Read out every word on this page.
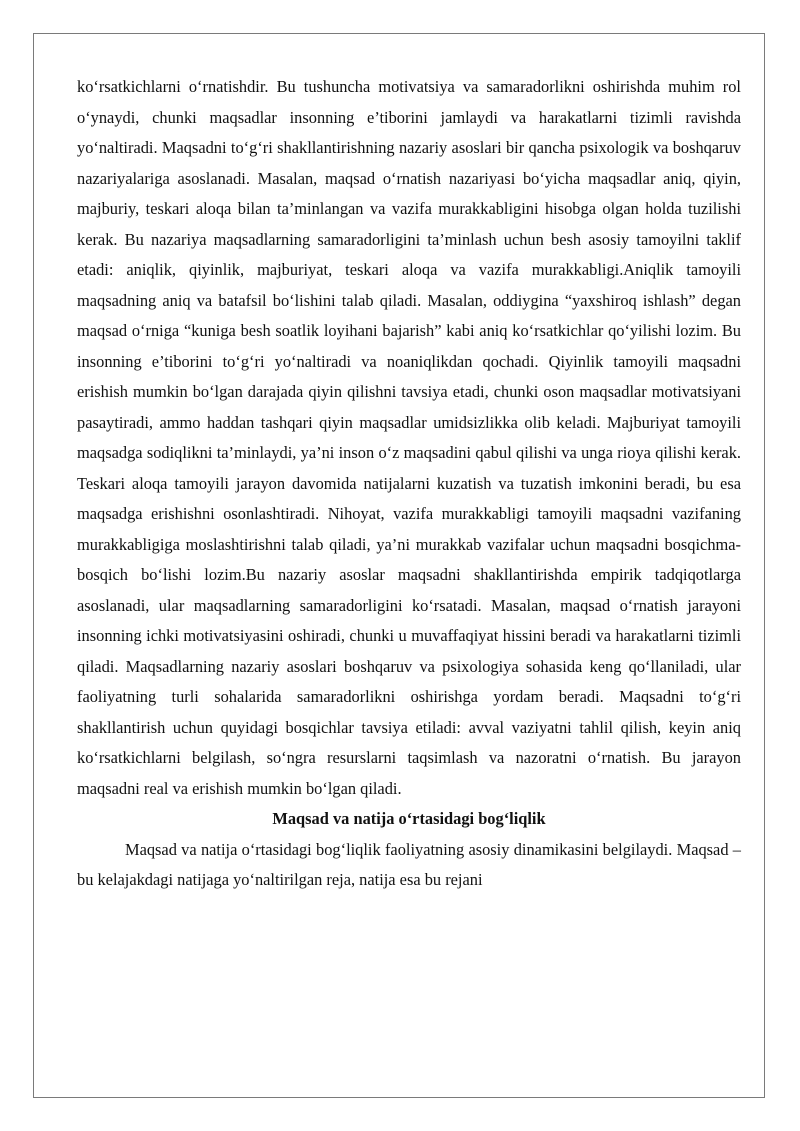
ko‘rsatkichlarni o‘rnatishdir. Bu tushuncha motivatsiya va samaradorlikni oshirishda muhim rol o‘ynaydi, chunki maqsadlar insonning e’tiborini jamlaydi va harakatlarni tizimli ravishda yo‘naltiradi. Maqsadni to‘g‘ri shakllantirishning nazariy asoslari bir qancha psixologik va boshqaruv nazariyalariga asoslanadi. Masalan, maqsad o‘rnatish nazariyasi bo‘yicha maqsadlar aniq, qiyin, majburiy, teskari aloqa bilan ta’minlangan va vazifa murakkabligini hisobga olgan holda tuzilishi kerak. Bu nazariya maqsadlarning samaradorligini ta’minlash uchun besh asosiy tamoyilni taklif etadi: aniqlik, qiyinlik, majburiyat, teskari aloqa va vazifa murakkabligi.Aniqlik tamoyili maqsadning aniq va batafsil bo‘lishini talab qiladi. Masalan, oddiygina “yaxshiroq ishlash” degan maqsad o‘rniga “kuniga besh soatlik loyihani bajarish” kabi aniq ko‘rsatkichlar qo‘yilishi lozim. Bu insonning e’tiborini to‘g‘ri yo‘naltiradi va noaniqlikdan qochadi. Qiyinlik tamoyili maqsadni erishish mumkin bo‘lgan darajada qiyin qilishni tavsiya etadi, chunki oson maqsadlar motivatsiyani pasaytiradi, ammo haddan tashqari qiyin maqsadlar umidsizlikka olib keladi. Majburiyat tamoyili maqsadga sodiqlikni ta’minlaydi, ya’ni inson o‘z maqsadini qabul qilishi va unga rioya qilishi kerak. Teskari aloqa tamoyili jarayon davomida natijalarni kuzatish va tuzatish imkonini beradi, bu esa maqsadga erishishni osonlashtiradi. Nihoyat, vazifa murakkabligi tamoyili maqsadni vazifaning murakkabligiga moslashtirishni talab qiladi, ya’ni murakkab vazifalar uchun maqsadni bosqichma-bosqich bo‘lishi lozim.Bu nazariy asoslar maqsadni shakllantirishda empirik tadqiqotlarga asoslanadi, ular maqsadlarning samaradorligini ko‘rsatadi. Masalan, maqsad o‘rnatish jarayoni insonning ichki motivatsiyasini oshiradi, chunki u muvaffaqiyat hissini beradi va harakatlarni tizimli qiladi. Maqsadlarning nazariy asoslari boshqaruv va psixologiya sohasida keng qo‘llaniladi, ular faoliyatning turli sohalarida samaradorlikni oshirishga yordam beradi. Maqsadni to‘g‘ri shakllantirish uchun quyidagi bosqichlar tavsiya etiladi: avval vaziyatni tahlil qilish, keyin aniq ko‘rsatkichlarni belgilash, so‘ngra resurslarni taqsimlash va nazoratni o‘rnatish. Bu jarayon maqsadni real va erishish mumkin bo‘lgan qiladi.

Maqsad va natija o‘rtasidagi bog‘liqlik

Maqsad va natija o‘rtasidagi bog‘liqlik faoliyatning asosiy dinamikasini belgilaydi. Maqsad – bu kelajakdagi natijaga yo‘naltirilgan reja, natija esa bu rejani
